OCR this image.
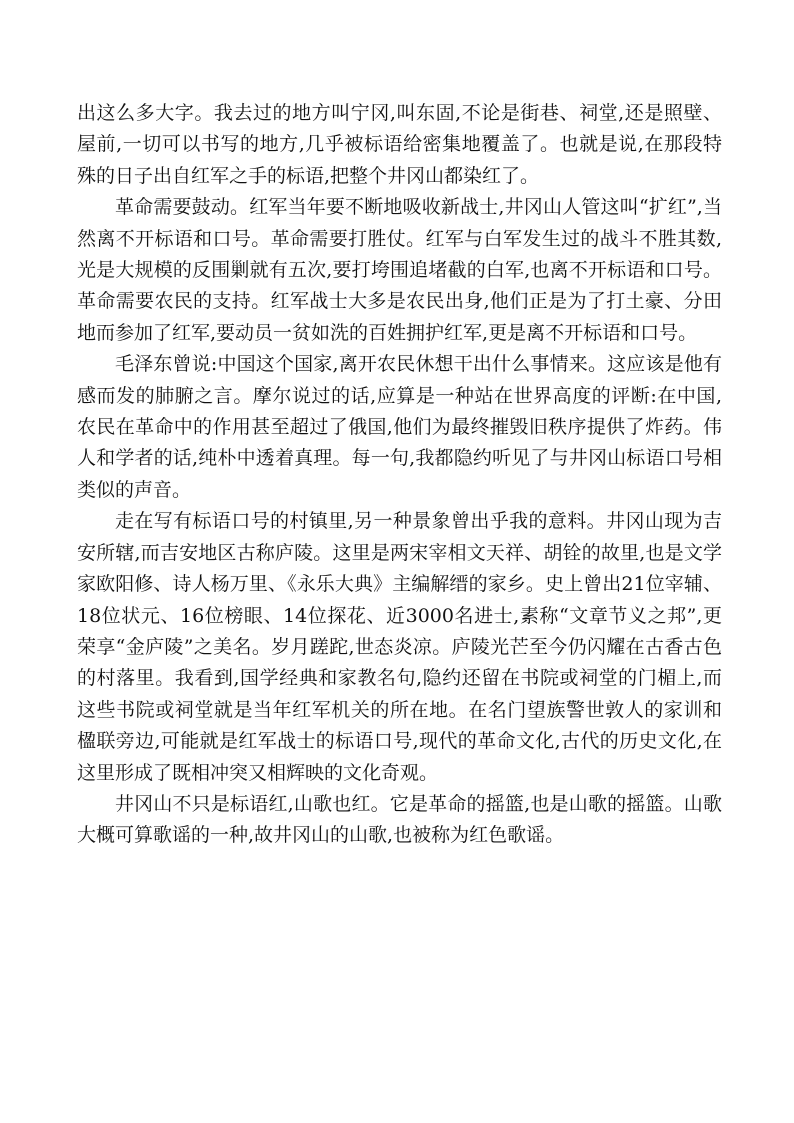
出这么多大字。我去过的地方叫宁冈,叫东固,不论是街巷、祠堂,还是照壁、屋前,一切可以书写的地方,几乎被标语给密集地覆盖了。也就是说,在那段特殊的日子出自红军之手的标语,把整个井冈山都染红了。

革命需要鼓动。红军当年要不断地吸收新战士,井冈山人管这叫“扩红”,当然离不开标语和口号。革命需要打胜仗。红军与白军发生过的战斗不胜其数,光是大规模的反围剿就有五次,要打垮围追堵截的白军,也离不开标语和口号。革命需要农民的支持。红军战士大多是农民出身,他们正是为了打土豪、分田地而参加了红军,要动员一贫如洗的百姓拥护红军,更是离不开标语和口号。

毛泽东曾说:中国这个国家,离开农民休想干出什么事情来。这应该是他有感而发的肺腑之言。摩尔说过的话,应算是一种站在世界高度的评断:在中国,农民在革命中的作用甚至超过了俄国,他们为最终摧毁旧秩序提供了炸药。伟人和学者的话,纯朴中透着真理。每一句,我都隐约听见了与井冈山标语口号相类似的声音。

走在写有标语口号的村镇里,另一种景象曾出乎我的意料。井冈山现为吉安所辖,而吉安地区古称庐陵。这里是两宋宰相文天祥、胡铨的故里,也是文学家欧阳修、诗人杨万里、《永乐大典》主编解缙的家乡。史上曾出21位宰辅、18位状元、16位榜眼、14位探花、近3000名进士,素称“文章节义之邦”,更荣享“金庐陵”之美名。岁月蹉跎,世态炎凉。庐陵光芒至今仍闪耀在古香古色的村落里。我看到,国学经典和家教名句,隐约还留在书院或祠堂的门楣上,而这些书院或祠堂就是当年红军机关的所在地。在名门望族警世敦人的家训和楹联旁边,可能就是红军战士的标语口号,现代的革命文化,古代的历史文化,在这里形成了既相冲突又相辉映的文化奇观。

井冈山不只是标语红,山歌也红。它是革命的摇篮,也是山歌的摇篮。山歌大概可算歌谣的一种,故井冈山的山歌,也被称为红色歌谣。
